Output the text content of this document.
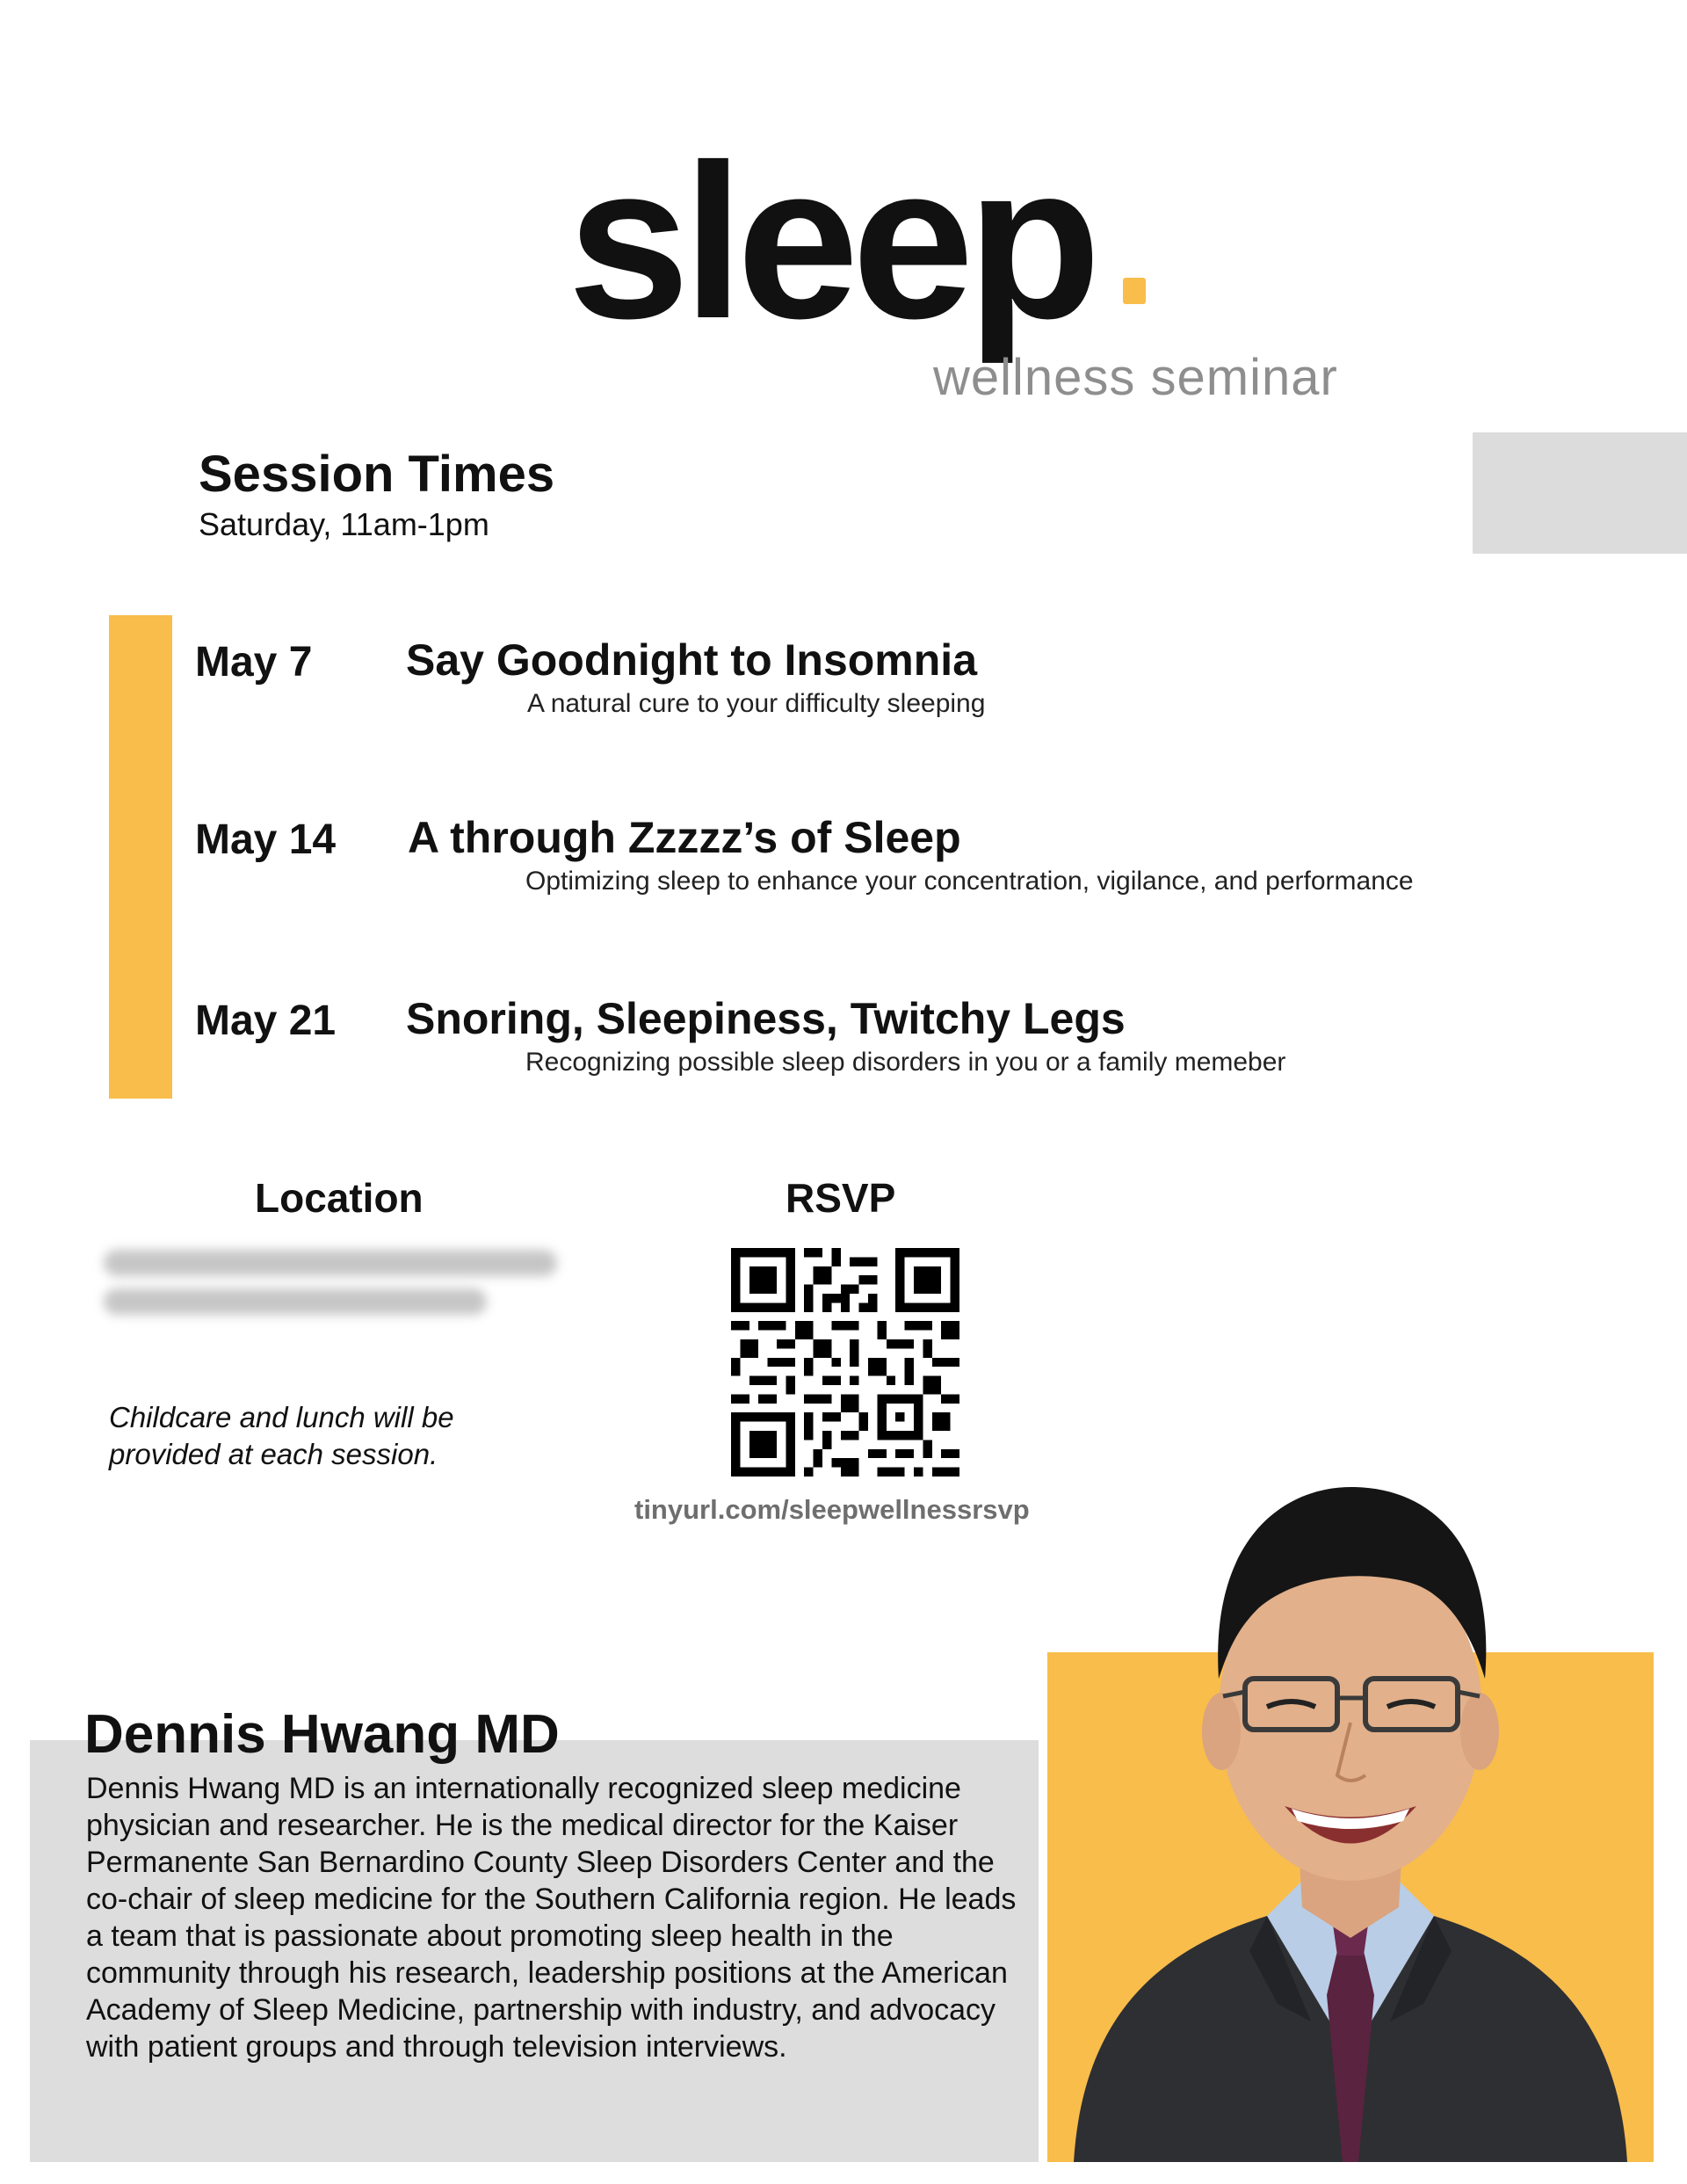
sleep
wellness seminar
Session Times
Saturday, 11am-1pm
May 7 Say Goodnight to Insomnia
A natural cure to your difficulty sleeping
May 14 A through Zzzzz’s of Sleep
Optimizing sleep to enhance your concentration, vigilance, and performance
May 21 Snoring, Sleepiness, Twitchy Legs
Recognizing possible sleep disorders in you or a family memeber
Location
Childcare and lunch will be provided at each session.
RSVP
tinyurl.com/sleepwellnessrsvp
Dennis Hwang MD
Dennis Hwang MD is an internationally recognized sleep medicine physician and researcher. He is the medical director for the Kaiser Permanente San Bernardino County Sleep Disorders Center and the co-chair of sleep medicine for the Southern California region. He leads a team that is passionate about promoting sleep health in the community through his research, leadership positions at the American Academy of Sleep Medicine, partnership with industry, and advocacy with patient groups and through television interviews.
